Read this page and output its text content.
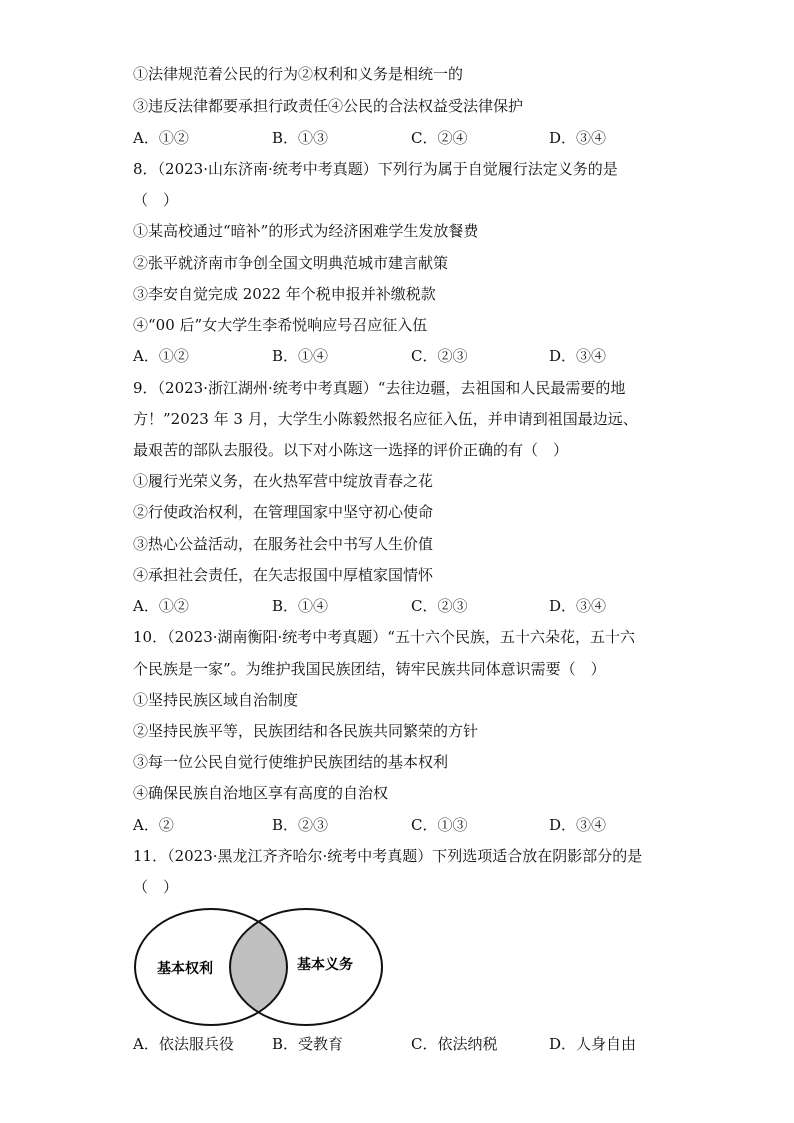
①法律规范着公民的行为②权利和义务是相统一的
③违反法律都要承担行政责任④公民的合法权益受法律保护
A．①②	B．①③	C．②④	D．③④
8．（2023·山东济南·统考中考真题）下列行为属于自觉履行法定义务的是
（　）
①某高校通过“暗补”的形式为经济困难学生发放餐费
②张平就济南市争创全国文明典范城市建言献策
③李安自觉完成 2022 年个税申报并补缴税款
④“00 后”女大学生李希悦响应号召应征入伍
A．①②	B．①④	C．②③	D．③④
9．（2023·浙江湖州·统考中考真题）“去往边疆，去祖国和人民最需要的地
方！”2023 年 3 月，大学生小陈毅然报名应征入伍，并申请到祖国最边远、
最艰苦的部队去服役。以下对小陈这一选择的评价正确的有（　）
①履行光荣义务，在火热军营中绽放青春之花
②行使政治权利，在管理国家中坚守初心使命
③热心公益活动，在服务社会中书写人生价值
④承担社会责任，在矢志报国中厚植家国情怀
A．①②	B．①④	C．②③	D．③④
10．（2023·湖南衡阳·统考中考真题）“五十六个民族，五十六朵花，五十六
个民族是一家”。为维护我国民族团结，铸牢民族共同体意识需要（　）
①坚持民族区域自治制度
②坚持民族平等，民族团结和各民族共同繁荣的方针
③每一位公民自觉行使维护民族团结的基本权利
④确保民族自治地区享有高度的自治权
A．②	B．②③	C．①③	D．③④
11．（2023·黑龙江齐齐哈尔·统考中考真题）下列选项适合放在阴影部分的是
（　）
基本权利	基本义务
A．依法服兵役	B．受教育	C．依法纳税	D．人身自由
